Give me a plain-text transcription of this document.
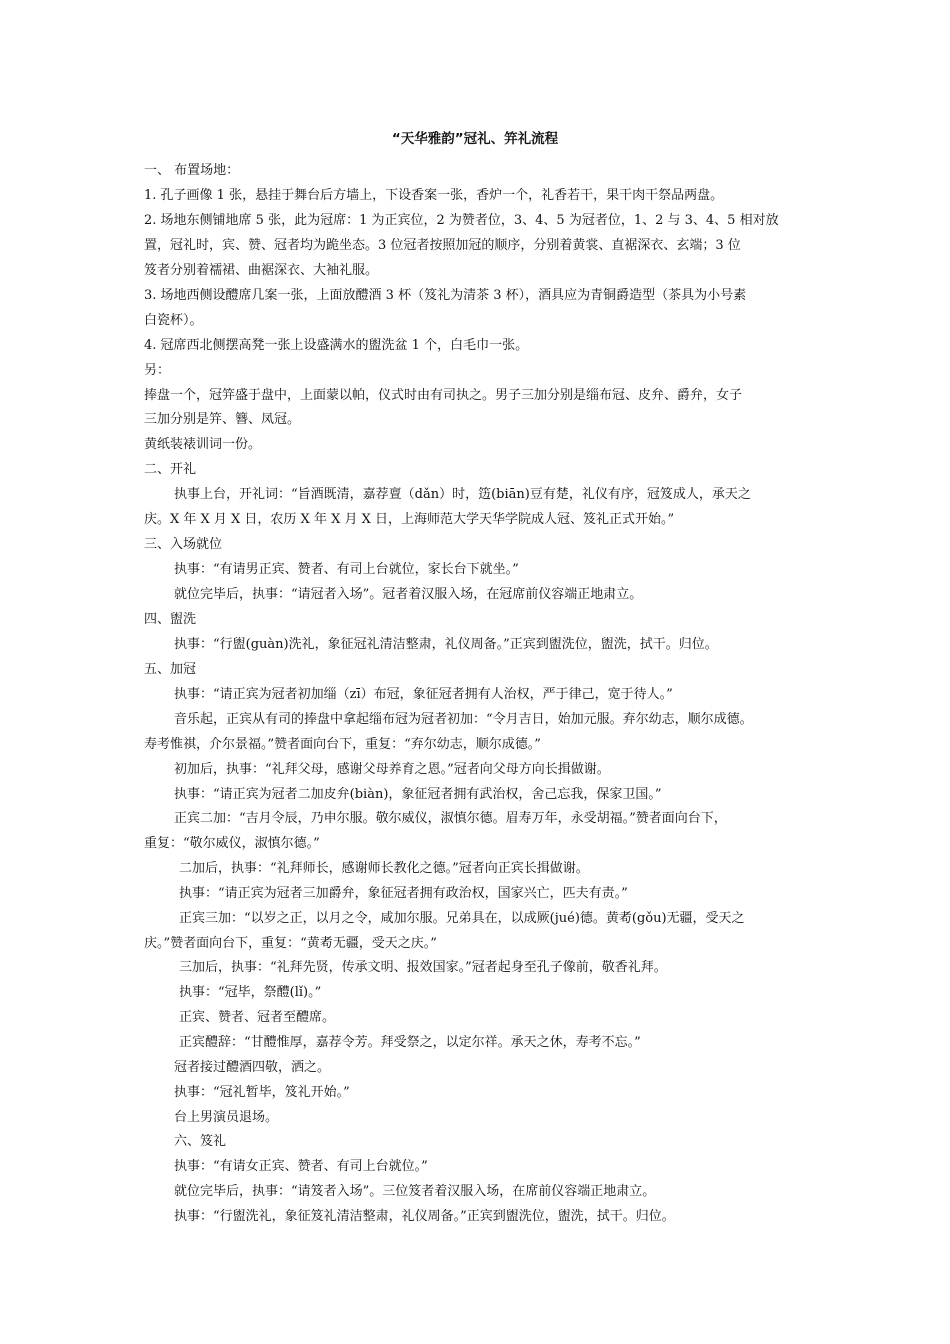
“天华雅韵”冠礼、笄礼流程
一、 布置场地：
1. 孔子画像 1 张，悬挂于舞台后方墙上，下设香案一张，香炉一个，礼香若干，果干肉干祭品两盘。
2. 场地东侧铺地席 5 张，此为冠席：1 为正宾位，2 为赞者位，3、4、5 为冠者位，1、2 与 3、4、5 相对放
置，冠礼时，宾、赞、冠者均为跪坐态。3 位冠者按照加冠的顺序，分别着黄裳、直裾深衣、玄端；3 位
笈者分别着襦裙、曲裾深衣、大袖礼服。
3. 场地西侧设醴席几案一张，上面放醴酒 3 杯（笈礼为清茶 3 杯），酒具应为青铜爵造型（茶具为小号素
白瓷杯）。
4. 冠席西北侧摆高凳一张上设盛满水的盥洗盆 1 个，白毛巾一张。
另：
捧盘一个，冠笄盛于盘中，上面蒙以帕，仪式时由有司执之。男子三加分别是缁布冠、皮弁、爵弁，女子
三加分别是笄、簪、凤冠。
黄纸装裱训词一份。
二、开礼
执事上台，开礼词：“旨酒既清，嘉荐亶（dǎn）时，笾(biān)豆有楚，礼仪有序，冠笈成人，承天之
庆。X 年 X 月 X 日，农历 X 年 X 月 X 日，上海师范大学天华学院成人冠、笈礼正式开始。”
三、入场就位
执事：“有请男正宾、赞者、有司上台就位，家长台下就坐。”
就位完毕后，执事：“请冠者入场”。冠者着汉服入场，在冠席前仪容端正地肃立。
四、盥洗
执事：“行盥(guàn)洗礼，象征冠礼清洁整肃，礼仪周备。”正宾到盥洗位，盥洗，拭干。归位。
五、加冠
执事：“请正宾为冠者初加缁（zī）布冠，象征冠者拥有人治权，严于律己，宽于待人。”
音乐起，正宾从有司的捧盘中拿起缁布冠为冠者初加：“令月吉日，始加元服。弃尔幼志，顺尔成德。
寿考惟祺，介尔景福。”赞者面向台下，重复：“弃尔幼志，顺尔成德。”
初加后，执事：“礼拜父母，感谢父母养育之恩。”冠者向父母方向长揖做谢。
执事：“请正宾为冠者二加皮弁(biàn)，象征冠者拥有武治权，舍己忘我，保家卫国。”
正宾二加：“吉月令辰，乃申尔服。敬尔威仪，淑慎尔德。眉寿万年，永受胡福。”赞者面向台下，
重复：“敬尔威仪，淑慎尔德。”
二加后，执事：“礼拜师长，感谢师长教化之德。”冠者向正宾长揖做谢。
执事：“请正宾为冠者三加爵弁，象征冠者拥有政治权，国家兴亡，匹夫有责。”
正宾三加：“以岁之正，以月之令，咸加尔服。兄弟具在，以成厥(jué)德。黄耇(gǒu)无疆，受天之
庆。”赞者面向台下，重复：“黄耇无疆，受天之庆。”
三加后，执事：“礼拜先贤，传承文明、报效国家。”冠者起身至孔子像前，敬香礼拜。
执事：“冠毕，祭醴(lǐ)。”
正宾、赞者、冠者至醴席。
正宾醴辞：“甘醴惟厚，嘉荐令芳。拜受祭之，以定尔祥。承天之休，寿考不忘。”
冠者接过醴酒四敬，洒之。
执事：“冠礼暂毕，笈礼开始。”
台上男演员退场。
六、笈礼
执事：“有请女正宾、赞者、有司上台就位。”
就位完毕后，执事：“请笈者入场”。三位笈者着汉服入场，在席前仪容端正地肃立。
执事：“行盥洗礼，象征笈礼清洁整肃，礼仪周备。”正宾到盥洗位，盥洗，拭干。归位。
